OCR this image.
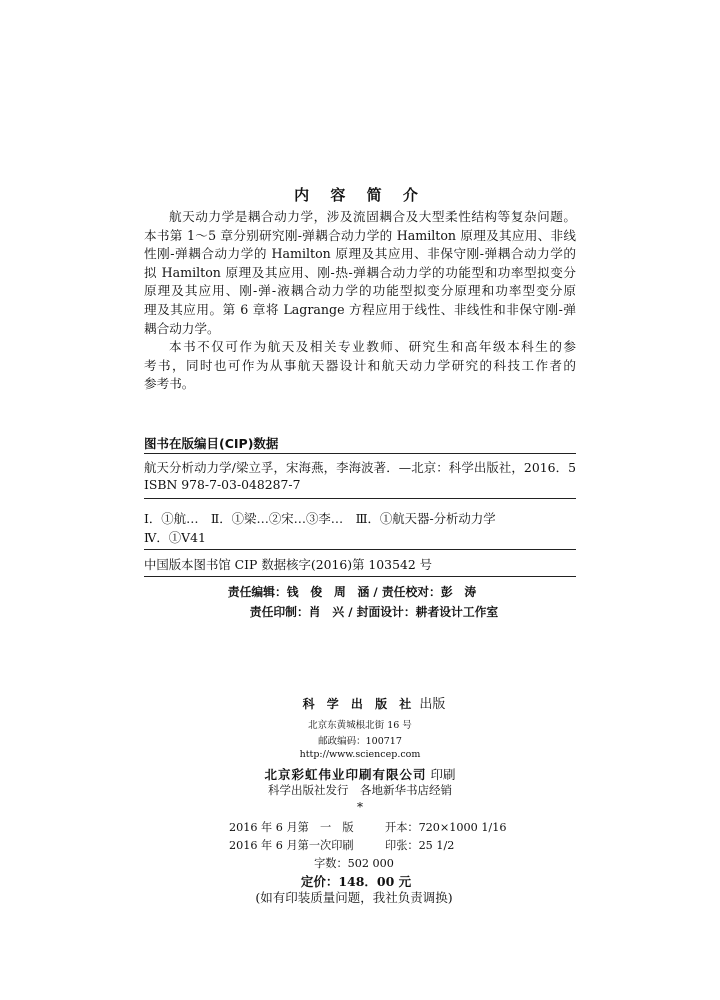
内 容 简 介

航天动力学是耦合动力学，涉及流固耦合及大型柔性结构等复杂问题。
本书第 1～5 章分别研究刚-弹耦合动力学的 Hamilton 原理及其应用、非线
性刚-弹耦合动力学的 Hamilton 原理及其应用、非保守刚-弹耦合动力学的
拟 Hamilton 原理及其应用、刚-热-弹耦合动力学的功能型和功率型拟变分
原理及其应用、刚-弹-液耦合动力学的功能型拟变分原理和功率型变分原
理及其应用。第 6 章将 Lagrange 方程应用于线性、非线性和非保守刚-弹
耦合动力学。

本书不仅可作为航天及相关专业教师、研究生和高年级本科生的参
考书，同时也可作为从事航天器设计和航天动力学研究的科技工作者的
参考书。

图书在版编目(CIP)数据
航天分析动力学/梁立孚，宋海燕，李海波著．—北京：科学出版社，2016．5
ISBN 978-7-03-048287-7
Ⅰ．①航…　Ⅱ．①梁…②宋…③李…　Ⅲ．①航天器-分析动力学
Ⅳ．①V41
中国版本图书馆 CIP 数据核字(2016)第 103542 号
责任编辑：钱　俊　周　涵 / 责任校对：彭　涛
责任印制：肖　兴 / 封面设计：耕者设计工作室
科 学 出 版 社 出版
北京东黄城根北街 16 号
邮政编码：100717
http://www.sciencep.com
北京彩虹伟业印刷有限公司 印刷
科学出版社发行　各地新华书店经销
*
2016 年 6 月第　一　版	开本：720×1000 1/16
2016 年 6 月第一次印刷	印张：25 1/2
字数：502 000
定价：148．00 元
(如有印装质量问题，我社负责调换)
